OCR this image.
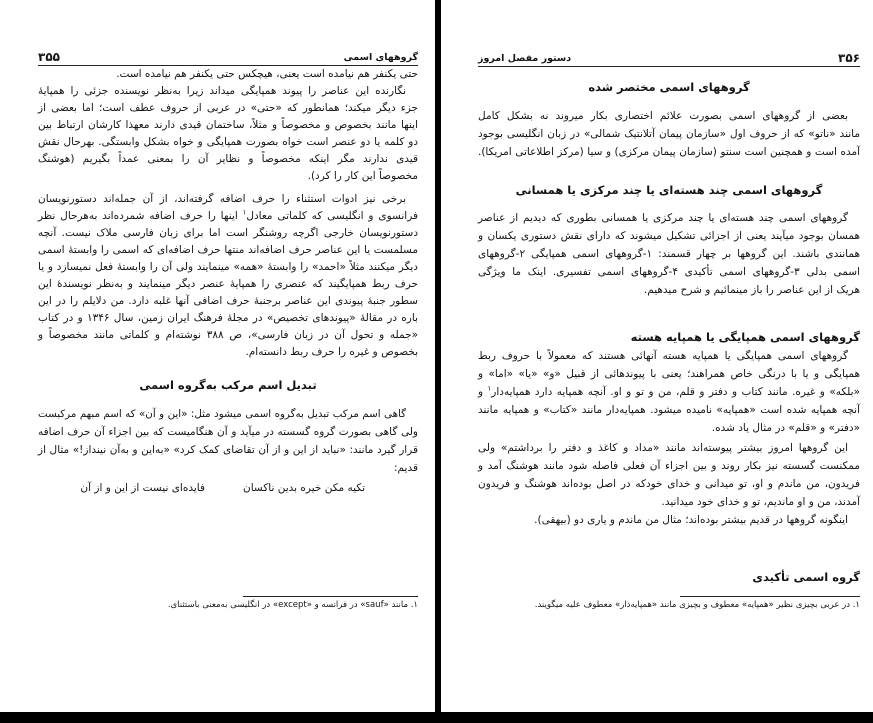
۳۵۵	گروههای اسمی
حتی یکنفر هم نیامده است یعنی، هیچکس حتی یکنفر هم نیامده است.
نگارنده این عناصر را پیوند همپایگی میداند زیرا به‌نظر نویسنده جزئی را همپایهٔ
جزء دیگر میکند؛ همانطور که «حتی» در عربی از حروف عطف است؛ اما بعضی از
اینها مانند بخصوص و مخصوصاً و مثلاً، ساختمان قیدی دارند معهذا کارشان ارتباط بین
دو کلمه یا دو عنصر است خواه بصورت همپایگی و خواه بشکل وابستگی. بهرحال نقش
قیدی ندارند مگر اینکه مخصوصاً و نظایر آن را بمعنی عمداً بگیریم (هوشنگ
مخصوصاً این کار را کرد).
برخی نیز ادوات استثناء را حرف اضافه گرفته‌اند، از آن جمله‌اند دستورنویسان
فرانسوی و انگلیسی که کلماتی معادل$^۱$ اینها را حرف اضافه شمرده‌اند به‌هرحال نظر
دستورنویسان خارجی اگرچه روشنگر است اما برای زبان فارسی ملاک نیست. آنچه
مسلمست یا این عناصر حرف اضافه‌اند منتها حرف اضافه‌ای که اسمی را وابستهٔ اسمی
دیگر میکنند مثلاً «احمد» را وابستهٔ «همه» مینمایند ولی آن را وابستهٔ فعل نمیسازد و یا
حرف ربط همپایگیند که عنصری را همپایهٔ عنصر دیگر مینمایند و به‌نظر نویسندهٔ این
سطور جنبهٔ پیوندی این عناصر برجنبهٔ حرف اضافی آنها غلبه دارد. من دلایلم را در این
باره در مقالهٔ «پیوندهای تخصیص» در مجلهٔ فرهنگ ایران زمین، سال ۱۳۴۶ و در کتاب
«جمله و تحول آن در زبان فارسی»، ص ۳۸۸ نوشته‌ام و کلماتی مانند مخصوصاً و
بخصوص و غیره را حرف ربط دانسته‌ام.
تبدیل اسم مرکب به‌گروه اسمی
گاهی اسم مرکب تبدیل به‌گروه اسمی میشود مثل: «این و آن» که اسم مبهم مرکبست
ولی گاهی بصورت گروه گسسته در میآید و آن هنگامیست که بین اجزاء آن حرف اضافه
قرار گیرد مانند: «نباید از این و از آن تقاضای کمک کرد» «به‌این و به‌آن نینداز!» مثال از
قدیم:
تکیه مکن خیره بدین ناکسان
فایده‌ای نیست از این و از آن
۱. مانند «sauf» در فرانسه و «except» در انگلیسی به‌معنی باستثنای.
دستور مفصل امروز	۳۵۶
گروههای اسمی مختصر شده
بعضی از گروههای اسمی بصورت علائم اختصاری بکار میروند نه بشکل کامل
مانند «ناتو» که از حروف اول «سازمان پیمان آتلانتیک شمالی» در زبان انگلیسی بوجود
آمده است و همچنین است سنتو (سازمان پیمان مرکزی) و سیا (مرکز اطلاعاتی امریکا).
گروههای اسمی چند هسته‌ای یا چند مرکزی یا همسانی
گروههای اسمی چند هسته‌ای یا چند مرکزی یا همسانی بطوری که دیدیم از عناصر
همسان بوجود میآیند یعنی از اجزائی تشکیل میشوند که دارای نقش دستوری یکسان و
همانندی باشند. این گروهها بر چهار قسمند: ۱-گروههای اسمی همپایگی ۲-گروههای
اسمی بدلی ۳-گروههای اسمی تأکیدی ۴-گروههای اسمی تفسیری. اینک ما ویژگی
هریک از این عناصر را باز مینمائیم و شرح میدهیم.
گروههای اسمی همپایگی یا همپایه هسته
گروههای اسمی همپایگی یا همپایه هسته آنهائی هستند که معمولاً با حروف ربط
همپایگی و یا با درنگی خاص همراهند؛ یعنی با پیوندهائی از قبیل «و» «یا» «اما» و
«بلکه» و غیره. مانند کتاب و دفتر و قلم، من و تو و او. آنچه همپایه دارد همپایه‌دار$^۱$ و
آنچه همپایه شده است «همپایه» نامیده میشود. همپایه‌دار مانند «کتاب» و همپایه مانند
«دفتر» و «قلم» در مثال یاد شده.
این گروهها امروز بیشتر پیوسته‌اند مانند «مداد و کاغذ و دفتر را برداشتم» ولی
ممکنست گسسته نیز بکار روند و بین اجزاء آن فعلی فاصله شود مانند هوشنگ آمد و
فریدون، من ماندم و او، تو میدانی و خدای خودکه در اصل بوده‌اند هوشنگ و فریدون
آمدند، من و او ماندیم، تو و خدای خود میدانید.
اینگونه گروهها در قدیم بیشتر بوده‌اند؛ مثال من ماندم و یاری دو (بیهقی).
گروه اسمی تأکیدی
۱. در عربی بچیزی نظیر «همپایه» معطوف و بچیزی مانند «همپایه‌دار» معطوف علیه میگویند.
